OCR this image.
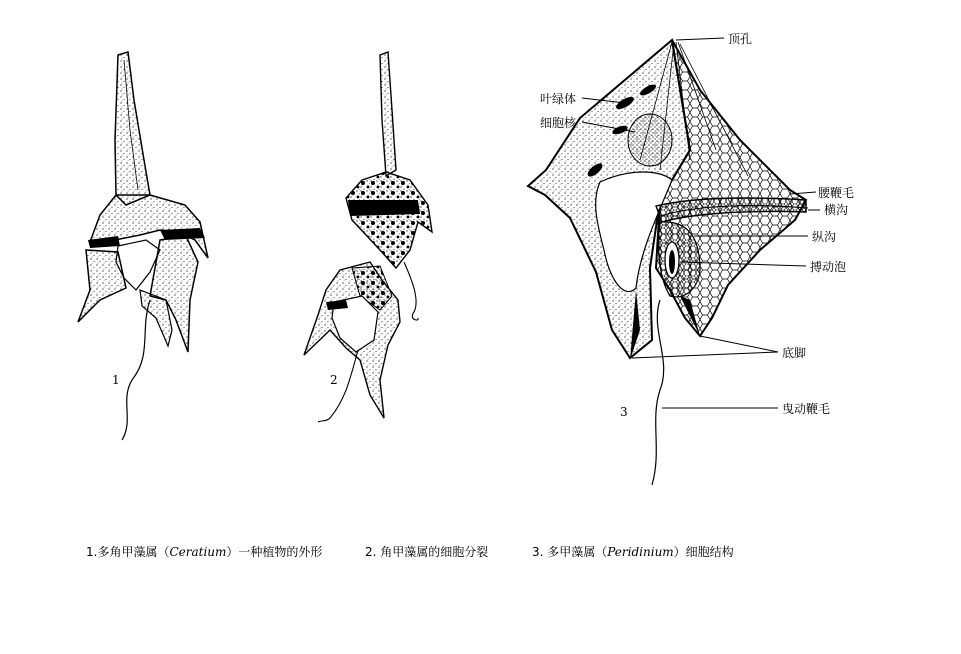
1	2
3
顶孔
叶绿体
细胞核
腰鞭毛
横沟
纵沟
搏动泡
底脚
曳动鞭毛
1.多角甲藻属（Ceratium）一种植物的外形	2. 角甲藻属的细胞分裂	3. 多甲藻属（Peridinium）细胞结构
